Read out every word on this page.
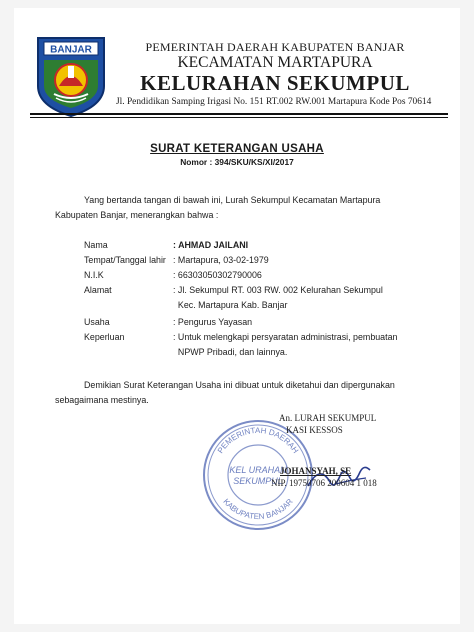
BANJAR	PEMERINTAH DAERAH KABUPATEN BANJAR
KECAMATAN MARTAPURA
KELURAHAN SEKUMPUL
Jl. Pendidikan Samping Irigasi No. 151 RT.002 RW.001 Martapura Kode Pos 70614
SURAT KETERANGAN USAHA
Nomor : 394/SKU/KS/XI/2017
Yang bertanda tangan di bawah ini, Lurah Sekumpul Kecamatan Martapura
Kabupaten Banjar, menerangkan bahwa :
Nama	: AHMAD JAILANI
Tempat/Tanggal lahir : Martapura, 03-02-1979
N.I.K	: 66303050302790006
Alamat	: Jl. Sekumpul RT. 003 RW. 002 Kelurahan Sekumpul
Kec. Martapura Kab. Banjar
Usaha	: Pengurus Yayasan
Keperluan	: Untuk melengkapi persyaratan administrasi, pembuatan
NPWP Pribadi, dan lainnya.
Demikian Surat Keterangan Usaha ini dibuat untuk diketahui dan dipergunakan
sebagaimana mestinya.
PEMERINTAH DAERAH
KABUPATEN BANJAR
KEL URAHAN
SEKUMPUL
An. LURAH SEKUMPUL
KASI KESSOS
JOHANSYAH, SE
NIP. 19750706 200604 1 018
